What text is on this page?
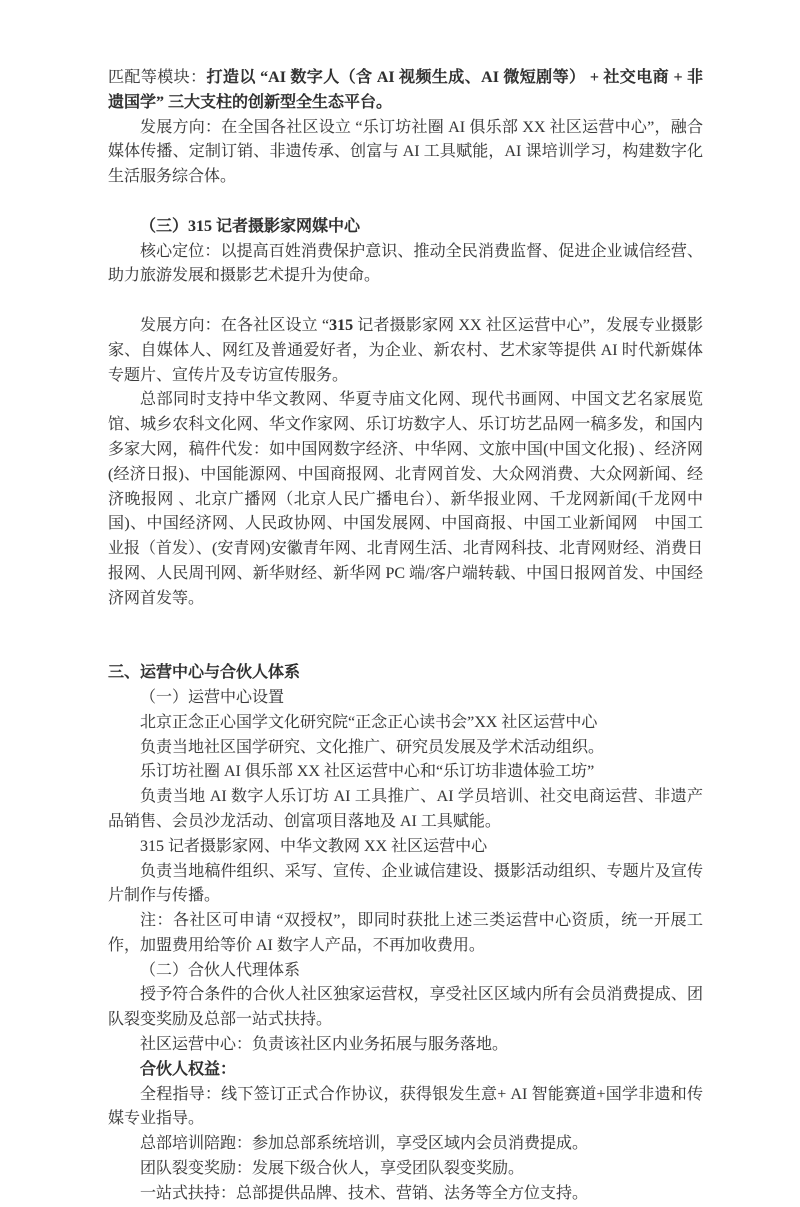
匹配等模块：打造以 “AI 数字人（含 AI 视频生成、AI 微短剧等） + 社交电商 + 非遗国学” 三大支柱的创新型全生态平台。

发展方向：在全国各社区设立 “乐订坊社圈 AI 俱乐部 XX 社区运营中心”，融合媒体传播、定制订销、非遗传承、创富与 AI 工具赋能，AI 课培训学习，构建数字化生活服务综合体。

（三）315 记者摄影家网媒中心

核心定位：以提高百姓消费保护意识、推动全民消费监督、促进企业诚信经营、助力旅游发展和摄影艺术提升为使命。

发展方向：在各社区设立 “315 记者摄影家网 XX 社区运营中心”，发展专业摄影家、自媒体人、网红及普通爱好者，为企业、新农村、艺术家等提供 AI 时代新媒体专题片、宣传片及专访宣传服务。

总部同时支持中华文教网、华夏寺庙文化网、现代书画网、中国文艺名家展览馆、城乡农科文化网、华文作家网、乐订坊数字人、乐订坊艺品网一稿多发，和国内多家大网，稿件代发：如中国网数字经济、中华网、文旅中国(中国文化报) 、经济网(经济日报)、中国能源网、中国商报网、北青网首发、大众网消费、大众网新闻、经济晚报网 、北京广播网（北京人民广播电台）、新华报业网、千龙网新闻(千龙网中国)、中国经济网、人民政协网、中国发展网、中国商报、中国工业新闻网　中国工业报（首发）、(安青网)安徽青年网、北青网生活、北青网科技、北青网财经、消费日报网、人民周刊网、新华财经、新华网 PC 端/客户端转载、中国日报网首发、中国经济网首发等。

三、运营中心与合伙人体系

（一）运营中心设置

北京正念正心国学文化研究院“正念正心读书会”XX 社区运营中心

负责当地社区国学研究、文化推广、研究员发展及学术活动组织。

乐订坊社圈 AI 俱乐部 XX 社区运营中心和“乐订坊非遗体验工坊”

负责当地 AI 数字人乐订坊 AI 工具推广、AI 学员培训、社交电商运营、非遗产品销售、会员沙龙活动、创富项目落地及 AI 工具赋能。

315 记者摄影家网、中华文教网 XX 社区运营中心

负责当地稿件组织、采写、宣传、企业诚信建设、摄影活动组织、专题片及宣传片制作与传播。

注：各社区可申请 “双授权”，即同时获批上述三类运营中心资质，统一开展工作，加盟费用给等价 AI 数字人产品，不再加收费用。

（二）合伙人代理体系

授予符合条件的合伙人社区独家运营权，享受社区区域内所有会员消费提成、团队裂变奖励及总部一站式扶持。

社区运营中心：负责该社区内业务拓展与服务落地。

合伙人权益：

全程指导：线下签订正式合作协议，获得银发生意+ AI 智能赛道+国学非遗和传媒专业指导。

总部培训陪跑：参加总部系统培训，享受区域内会员消费提成。

团队裂变奖励：发展下级合伙人，享受团队裂变奖励。

一站式扶持：总部提供品牌、技术、营销、法务等全方位支持。
